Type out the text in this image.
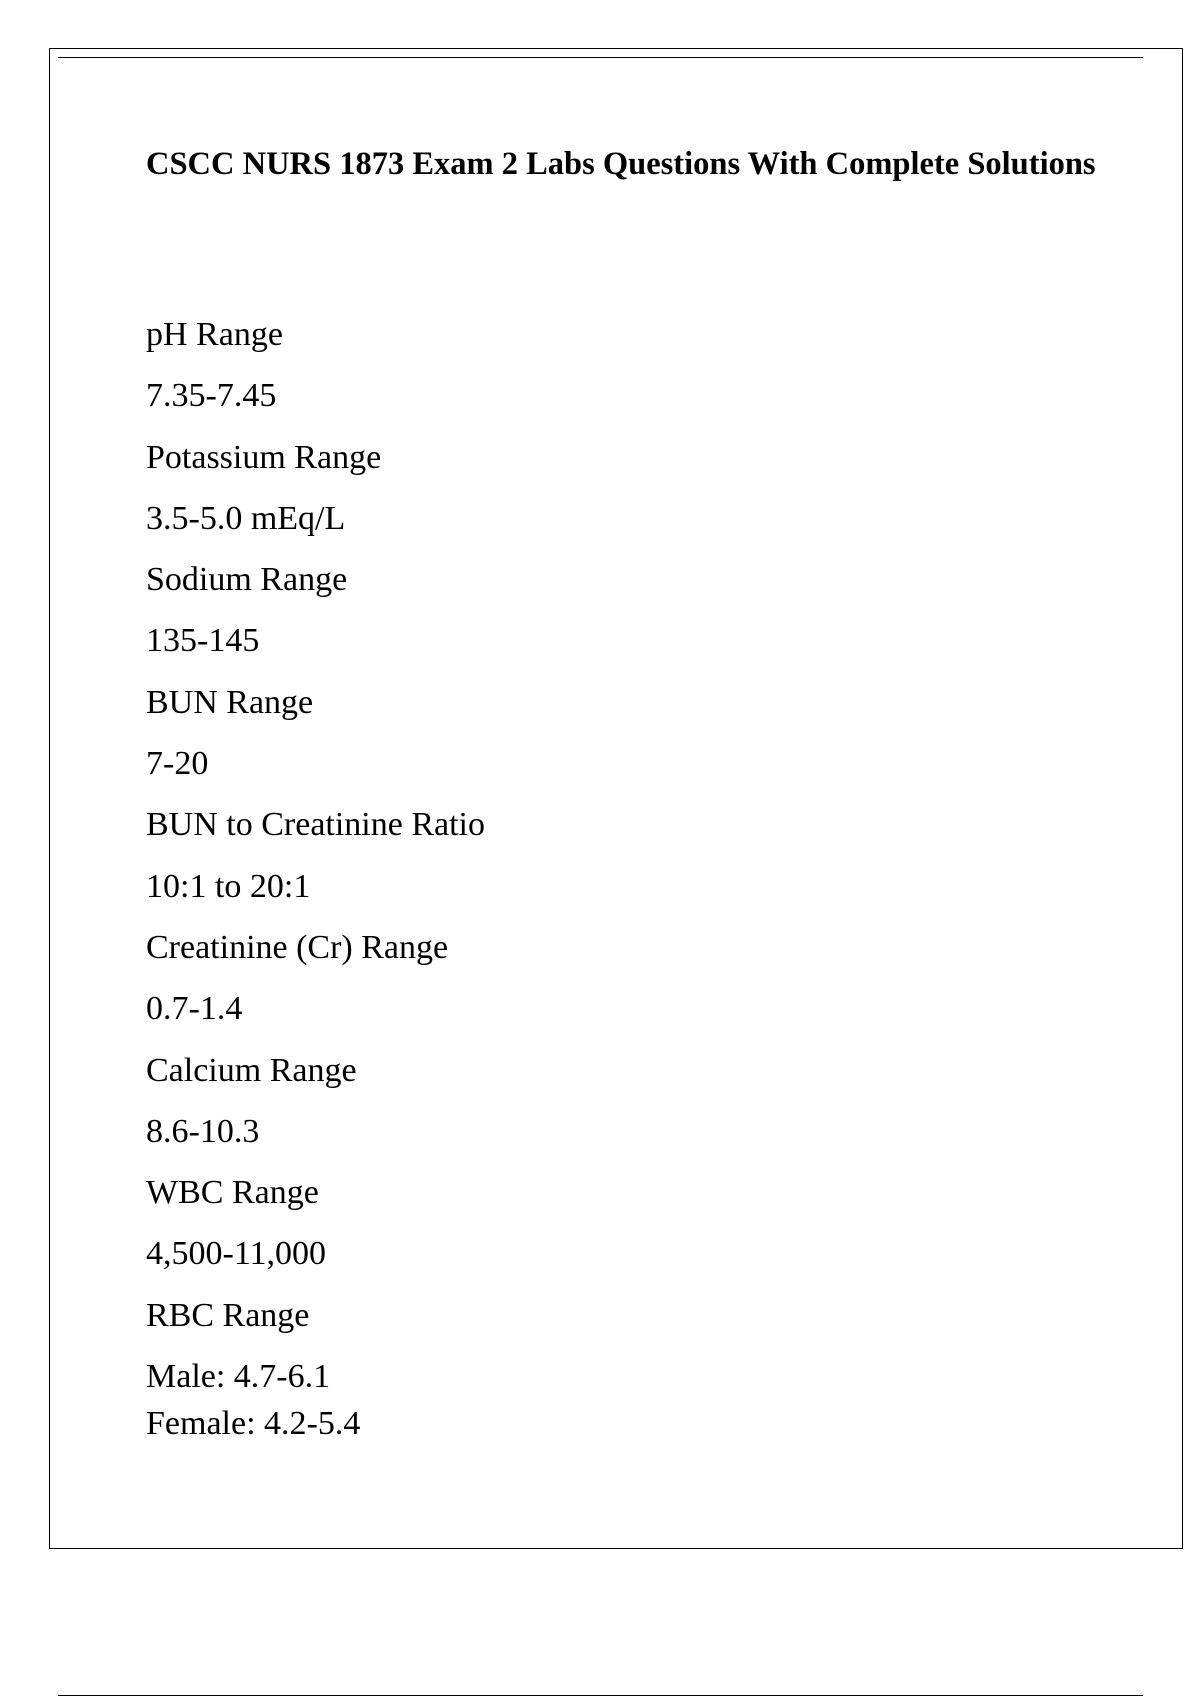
CSCC NURS 1873 Exam 2 Labs Questions With Complete Solutions
pH Range
7.35-7.45
Potassium Range
3.5-5.0 mEq/L
Sodium Range
135-145
BUN Range
7-20
BUN to Creatinine Ratio
10:1 to 20:1
Creatinine (Cr) Range
0.7-1.4
Calcium Range
8.6-10.3
WBC Range
4,500-11,000
RBC Range
Male: 4.7-6.1
Female: 4.2-5.4
